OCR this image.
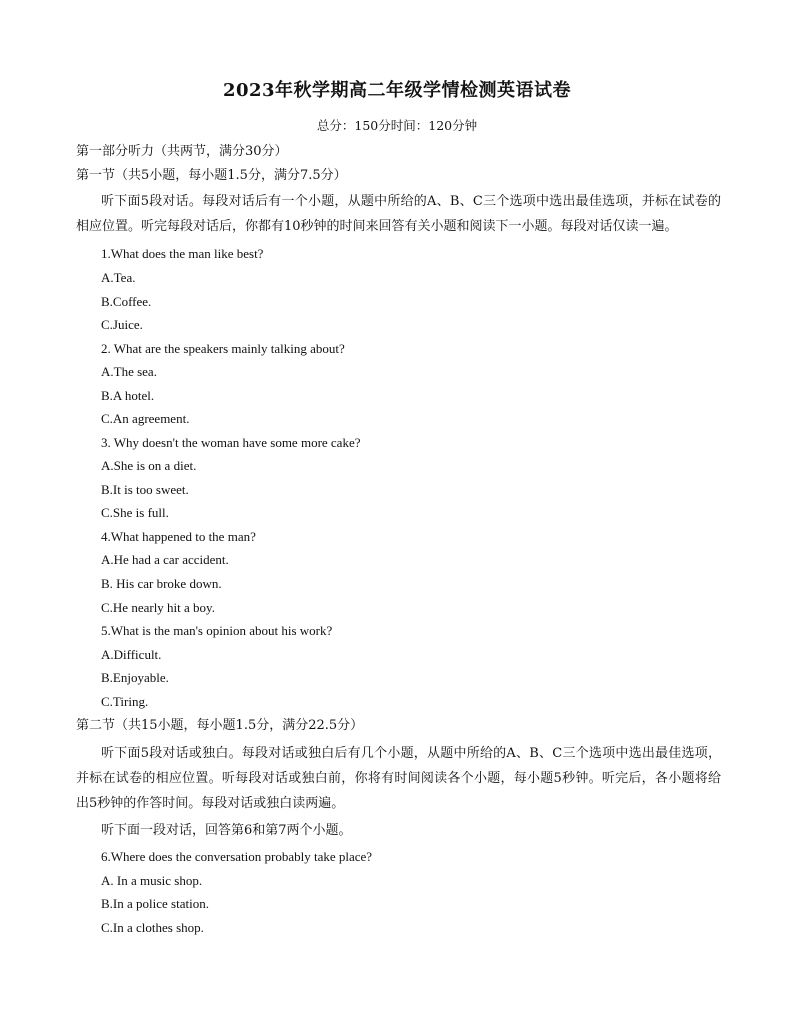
2023年秋学期高二年级学情检测英语试卷
总分：150分时间：120分钟
第一部分听力（共两节，满分30分）
第一节（共5小题，每小题1.5分，满分7.5分）
听下面5段对话。每段对话后有一个小题，从题中所给的A、B、C三个选项中选出最佳选项，并标在试卷的相应位置。听完每段对话后，你都有10秒钟的时间来回答有关小题和阅读下一小题。每段对话仅读一遍。
1.What does the man like best?
A.Tea.
B.Coffee.
C.Juice.
2. What are the speakers mainly talking about?
A.The sea.
B.A hotel.
C.An agreement.
3. Why doesn't the woman have some more cake?
A.She is on a diet.
B.It is too sweet.
C.She is full.
4.What happened to the man?
A.He had a car accident.
B. His car broke down.
C.He nearly hit a boy.
5.What is the man's opinion about his work?
A.Difficult.
B.Enjoyable.
C.Tiring.
第二节（共15小题，每小题1.5分，满分22.5分）
听下面5段对话或独白。每段对话或独白后有几个小题，从题中所给的A、B、C三个选项中选出最佳选项，并标在试卷的相应位置。听每段对话或独白前，你将有时间阅读各个小题，每小题5秒钟。听完后，各小题将给出5秒钟的作答时间。每段对话或独白读两遍。
听下面一段对话，回答第6和第7两个小题。
6.Where does the conversation probably take place?
A. In a music shop.
B.In a police station.
C.In a clothes shop.
